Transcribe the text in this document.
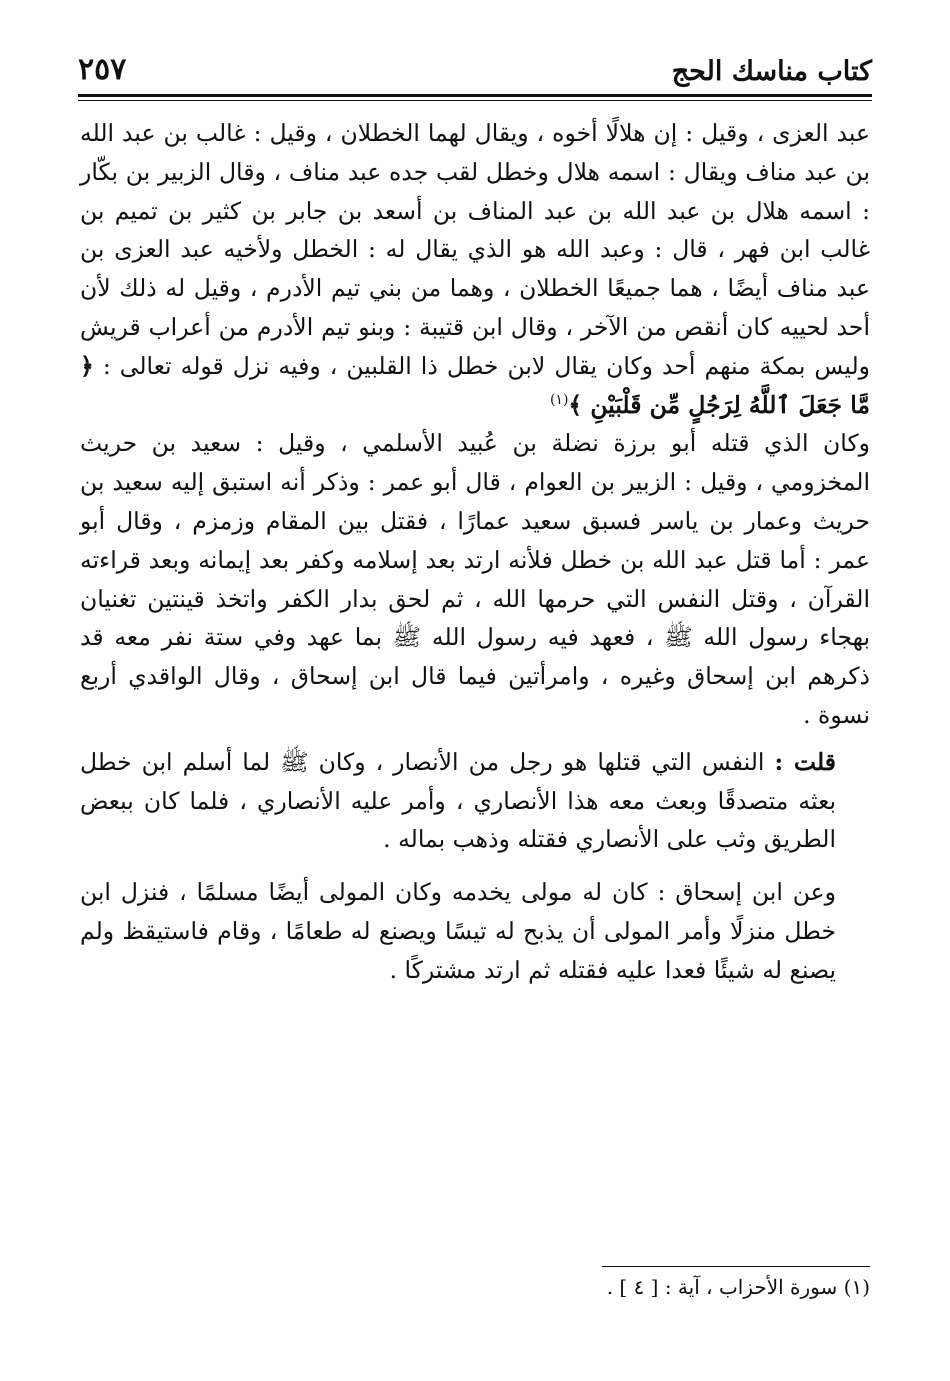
كتاب مناسك الحج
٢٥٧

عبد العزى ، وقيل : إن هلالًا أخوه ، ويقال لهما الخطلان ، وقيل : غالب بن عبد الله بن عبد مناف ويقال : اسمه هلال وخطل لقب جده عبد مناف ، وقال الزبير بن بكّار : اسمه هلال بن عبد الله بن عبد المناف بن أسعد بن جابر بن كثير بن تميم بن غالب ابن فهر ، قال : وعبد الله هو الذي يقال له : الخطل ولأخيه عبد العزى بن عبد مناف أيضًا ، هما جميعًا الخطلان ، وهما من بني تيم الأدرم ، وقيل له ذلك لأن أحد لحييه كان أنقص من الآخر ، وقال ابن قتيبة : وبنو تيم الأدرم من أعراب قريش وليس بمكة منهم أحد وكان يقال لابن خطل ذا القلبين ، وفيه نزل قوله تعالى : ﴿ مَّا جَعَلَ ٱللَّهُ لِرَجُلٍ مِّن قَلْبَيْنِ ﴾$^{(١)}$

وكان الذي قتله أبو برزة نضلة بن عُبيد الأسلمي ، وقيل : سعيد بن حريث المخزومي ، وقيل : الزبير بن العوام ، قال أبو عمر : وذكر أنه استبق إليه سعيد بن حريث وعمار بن ياسر فسبق سعيد عمارًا ، فقتل بين المقام وزمزم ، وقال أبو عمر : أما قتل عبد الله بن خطل فلأنه ارتد بعد إسلامه وكفر بعد إيمانه وبعد قراءته القرآن ، وقتل النفس التي حرمها الله ، ثم لحق بدار الكفر واتخذ قينتين تغنيان بهجاء رسول الله ﷺ ، فعهد فيه رسول الله ﷺ بما عهد وفي ستة نفر معه قد ذكرهم ابن إسحاق وغيره ، وامرأتين فيما قال ابن إسحاق ، وقال الواقدي أربع نسوة .

قلت : النفس التي قتلها هو رجل من الأنصار ، وكان ﷺ لما أسلم ابن خطل بعثه متصدقًا وبعث معه هذا الأنصاري ، وأمر عليه الأنصاري ، فلما كان ببعض الطريق وثب على الأنصاري فقتله وذهب بماله .

وعن ابن إسحاق : كان له مولى يخدمه وكان المولى أيضًا مسلمًا ، فنزل ابن خطل منزلًا وأمر المولى أن يذبح له تيسًا ويصنع له طعامًا ، وقام فاستيقظ ولم يصنع له شيئًا فعدا عليه فقتله ثم ارتد مشتركًا .

(١) سورة الأحزاب ، آية : [ ٤ ] .
